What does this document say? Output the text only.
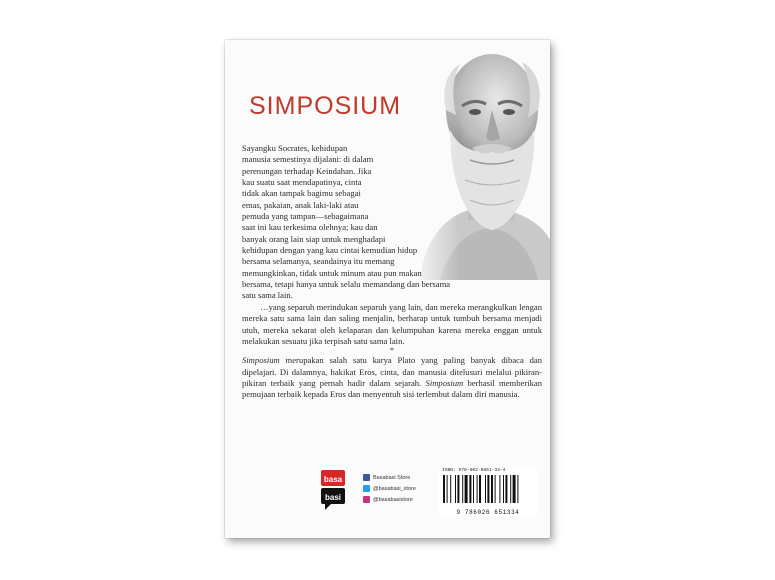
SIMPOSIUM

Sayangku Socrates, kehidupan
manusia semestinya dijalani: di dalam
perenungan terhadap Keindahan. Jika
kau suatu saat mendapatinya, cinta
tidak akan tampak bagimu sebagai
emas, pakaian, anak laki-laki atau
pemuda yang tampan—sebagaimana
saat ini kau terkesima olehnya; kau dan
banyak orang lain siap untuk menghadapi
kehidupan dengan yang kau cintai kemudian hidup
bersama selamanya, seandainya itu memang
memungkinkan, tidak untuk minum atau pun makan
bersama, tetapi hanya untuk selalu memandang dan bersama
satu sama lain.

…yang separuh merindukan separuh yang lain, dan mereka merangkulkan lengan mereka satu sama lain dan saling menjalin, berharap untuk tumbuh bersama menjadi utuh, mereka sekarat oleh kelaparan dan kelumpuhan karena mereka enggan untuk melakukan sesuatu jika terpisah satu sama lain.

*

Simposium merupakan salah satu karya Plato yang paling banyak dibaca dan dipelajari. Di dalamnya, hakikat Eros, cinta, dan manusia ditelusuri melalui pikiran-pikiran terbaik yang pernah hadir dalam sejarah. Simposium berhasil memberikan pemujaan terbaik kepada Eros dan menyentuh sisi terlembut dalam diri manusia.

basa
basi
Basabasi Store
@basabasi_store
@basabasistore
ISBN: 978-602-6651-33-4
9 786026 651334
